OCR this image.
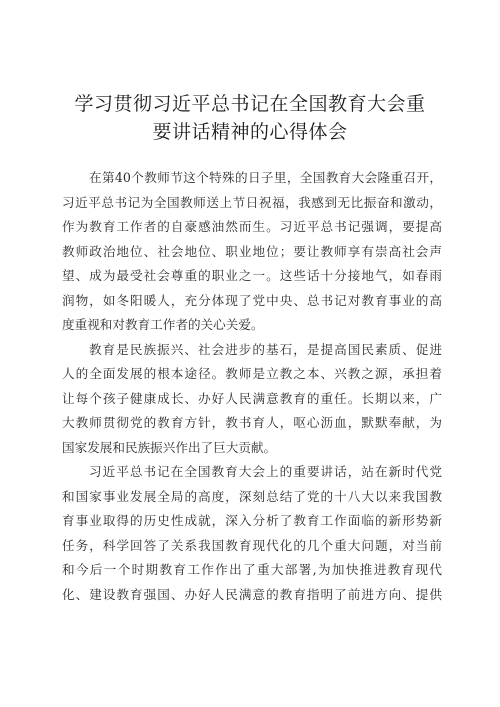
学习贯彻习近平总书记在全国教育大会重
要讲话精神的心得体会
在第40个教师节这个特殊的日子里，全国教育大会隆重召开，
习近平总书记为全国教师送上节日祝福，我感到无比振奋和激动，
作为教育工作者的自豪感油然而生。习近平总书记强调，要提高
教师政治地位、社会地位、职业地位；要让教师享有崇高社会声
望、成为最受社会尊重的职业之一。这些话十分接地气，如春雨
润物，如冬阳暖人，充分体现了党中央、总书记对教育事业的高
度重视和对教育工作者的关心关爱。
教育是民族振兴、社会进步的基石，是提高国民素质、促进
人的全面发展的根本途径。教师是立教之本、兴教之源，承担着
让每个孩子健康成长、办好人民满意教育的重任。长期以来，广
大教师贯彻党的教育方针，教书育人，呕心沥血，默默奉献，为
国家发展和民族振兴作出了巨大贡献。
习近平总书记在全国教育大会上的重要讲话，站在新时代党
和国家事业发展全局的高度，深刻总结了党的十八大以来我国教
育事业取得的历史性成就，深入分析了教育工作面临的新形势新
任务，科学回答了关系我国教育现代化的几个重大问题，对当前
和今后一个时期教育工作作出了重大部署,为加快推进教育现代
化、建设教育强国、办好人民满意的教育指明了前进方向、提供
